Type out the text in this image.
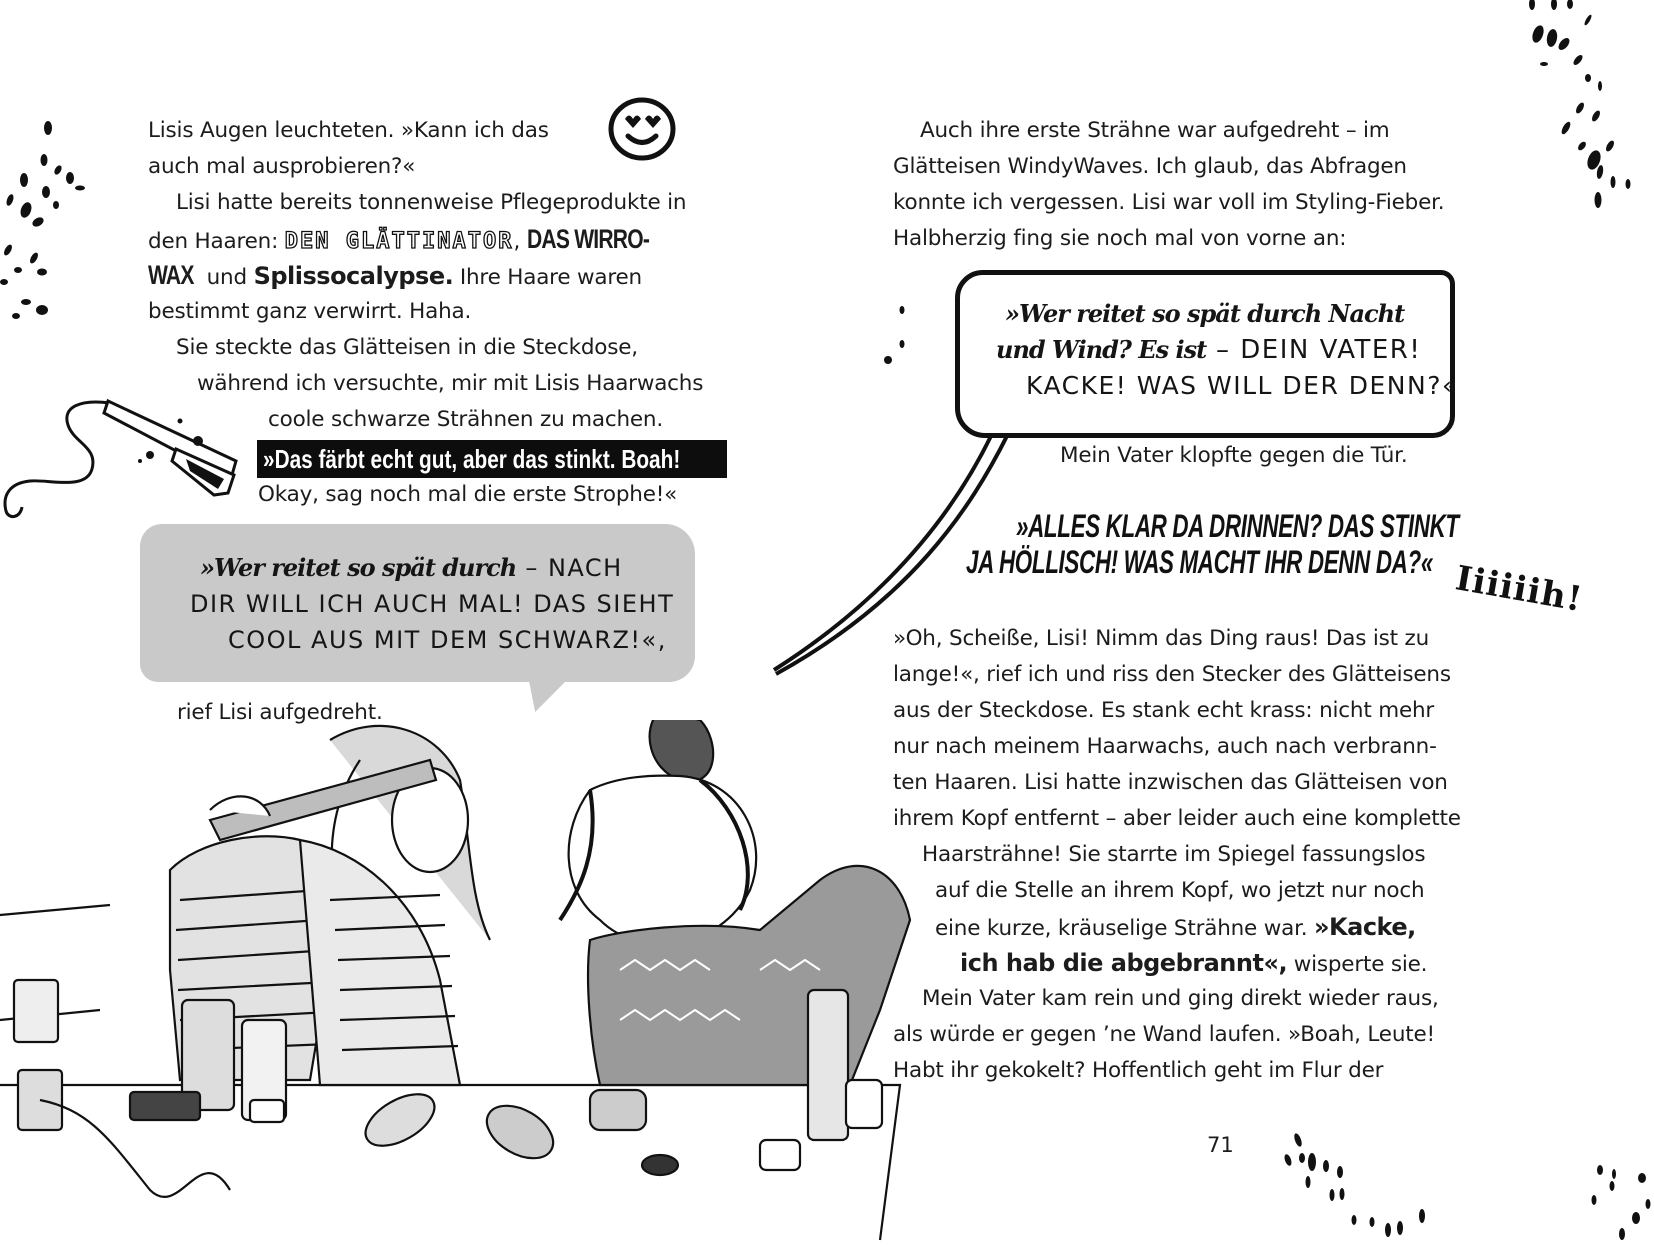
Lisis Augen leuchteten. »Kann ich das
auch mal ausprobieren?«
Lisi hatte bereits tonnenweise Pflegeprodukte in
den Haaren: DEN GLÄTTINATOR, DAS WIRRO-
WAX und Splissocalypse. Ihre Haare waren
bestimmt ganz verwirrt. Haha.
Sie steckte das Glätteisen in die Steckdose,
während ich versuchte, mir mit Lisis Haarwachs
coole schwarze Strähnen zu machen.
Okay, sag noch mal die erste Strophe!«
rief Lisi aufgedreht.
»Das färbt echt gut, aber das stinkt. Boah!
»Wer reitet so spät durch – NACH
DIR WILL ICH AUCH MAL! DAS SIEHT
COOL AUS MIT DEM SCHWARZ!«,
Auch ihre erste Strähne war aufgedreht – im
Glätteisen WindyWaves. Ich glaub, das Abfragen
konnte ich vergessen. Lisi war voll im Styling-Fieber.
Halbherzig fing sie noch mal von vorne an:
Mein Vater klopfte gegen die Tür.
»Oh, Scheiße, Lisi! Nimm das Ding raus! Das ist zu
lange!«, rief ich und riss den Stecker des Glätteisens
aus der Steckdose. Es stank echt krass: nicht mehr
nur nach meinem Haarwachs, auch nach verbrann-
ten Haaren. Lisi hatte inzwischen das Glätteisen von
ihrem Kopf entfernt – aber leider auch eine komplette
Haarsträhne! Sie starrte im Spiegel fassungslos
auf die Stelle an ihrem Kopf, wo jetzt nur noch
eine kurze, kräuselige Strähne war. »Kacke,
ich hab die abgebrannt«, wisperte sie.
Mein Vater kam rein und ging direkt wieder raus,
als würde er gegen ’ne Wand laufen. »Boah, Leute!
Habt ihr gekokelt? Hoffentlich geht im Flur der
»Wer reitet so spät durch Nacht
und Wind? Es ist – DEIN VATER!
KACKE! WAS WILL DER DENN?«
»ALLES KLAR DA DRINNEN? DAS STINKT
JA HÖLLISCH! WAS MACHT IHR DENN DA?« Iiiiiih!
71
